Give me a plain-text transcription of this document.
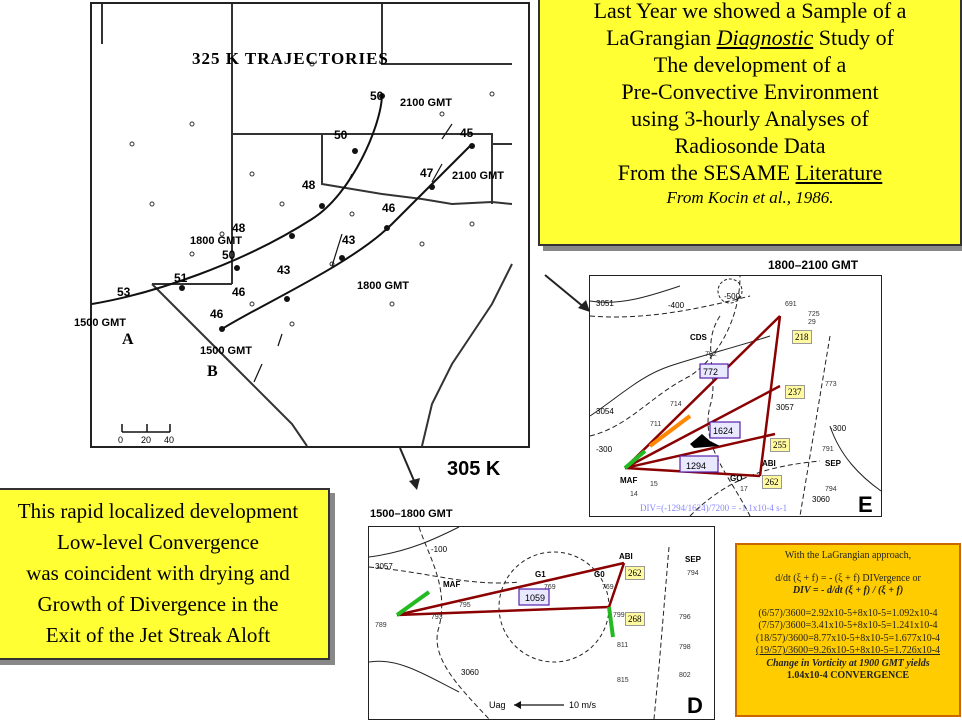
325 K TRAJECTORIES
A
B
2100 GMT
2100 GMT
1800 GMT
1800 GMT
1500 GMT
1500 GMT
50
50
48
48
50
51
53
45
47
46
43
43
46
46
0 20 40
305 K
Last Year we showed a Sample of a
LaGrangian Diagnostic Study of
The development of a
Pre-Convective Environment
using 3-hourly Analyses of
Radiosonde Data
From the SESAME Literature
From Kocin et al., 1986.
772
1624
1294
CDS
ABI	SEP
MAF	GO
-500
-400
-300
-300
3051
3054	3057
3060
691
725
29
702
711
714
773
791
794
15
14
17
E
1800–2100 GMT
218
237
255
262
DIV=(-1294/1624)/7200 = -1.1x10-4 s-1
1059
MAF
G1	G0
ABI	SEP
-100
3057
3060
769	769
794
795
793
789
799	796
811	798
815
802
Uag	10 m/s	D
1500–1800 GMT
262
268
This rapid localized development
Low-level Convergence
was coincident with drying and
Growth of Divergence in the
Exit of the Jet Streak Aloft
With the LaGrangian approach,
d/dt (ξ + f) = - (ξ + f) DIVergence or
DIV = - d/dt (ξ + f) / (ξ + f)
(6/57)/3600=2.92x10-5+8x10-5=1.092x10-4
(7/57)/3600=3.41x10-5+8x10-5=1.241x10-4
(18/57)/3600=8.77x10-5+8x10-5=1.677x10-4
(19/57)/3600=9.26x10-5+8x10-5=1.726x10-4
Change in Vorticity at 1900 GMT yields
1.04x10-4 CONVERGENCE
